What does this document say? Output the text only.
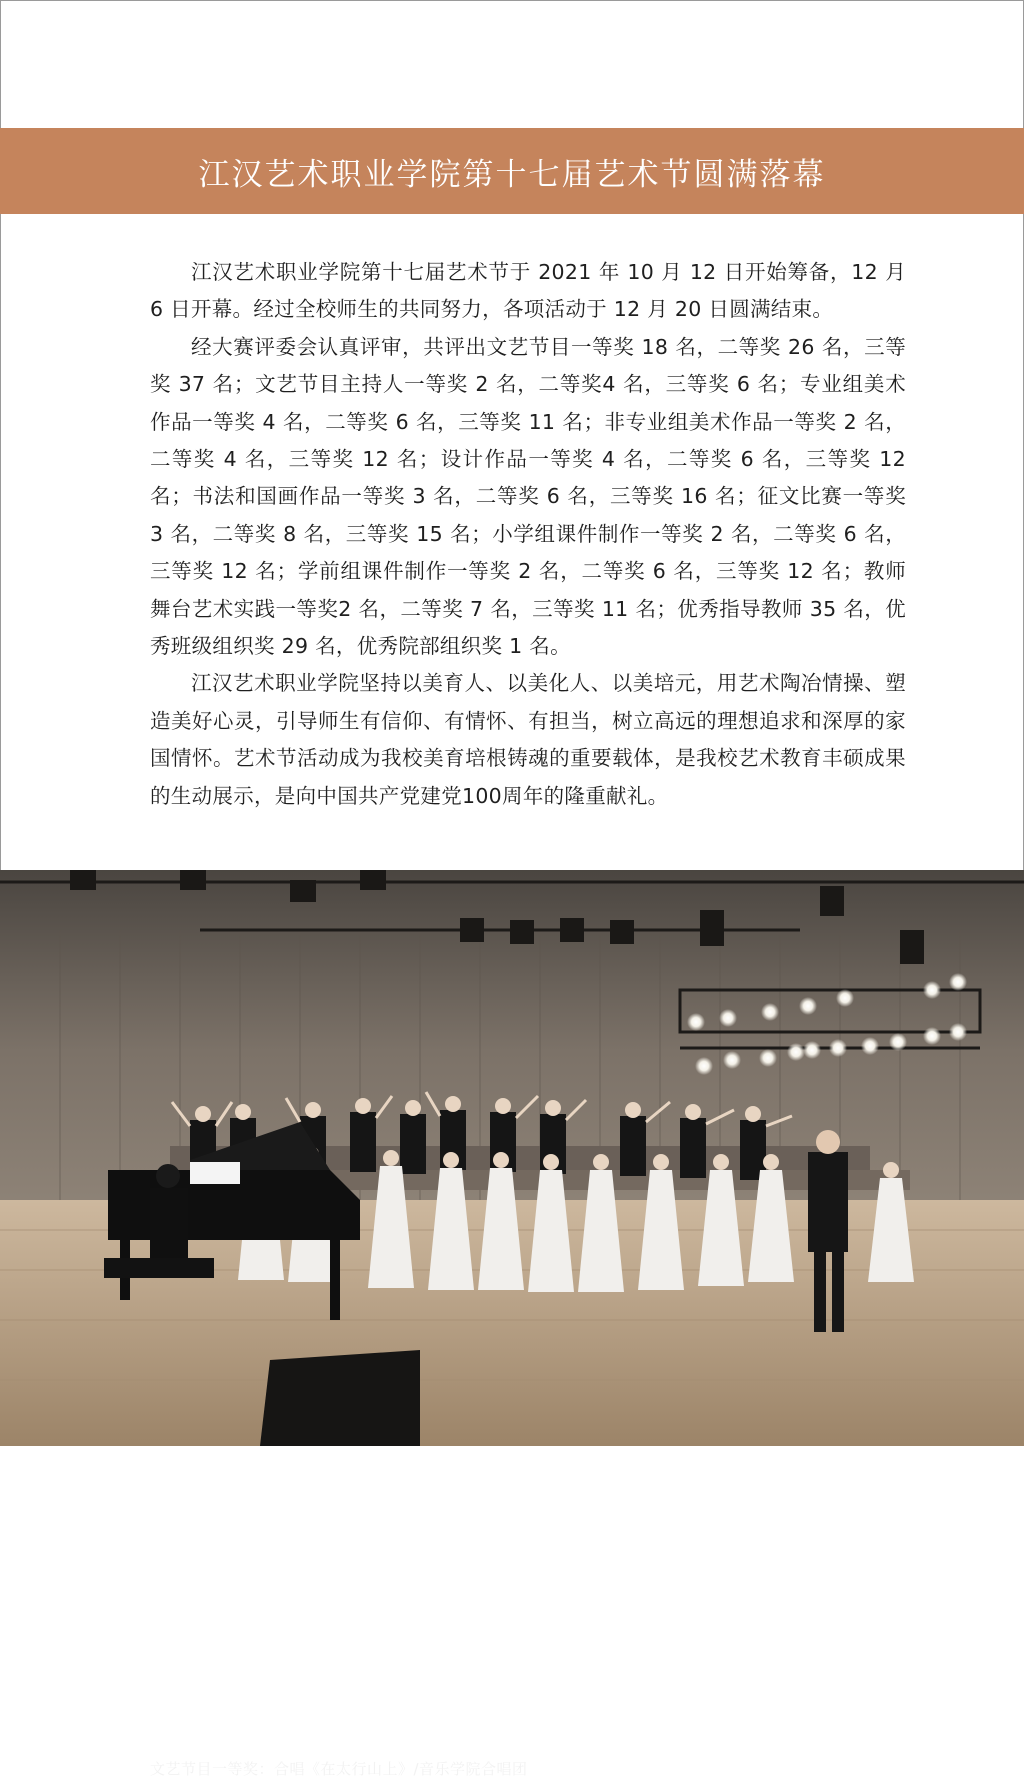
江汉艺术职业学院第十七届艺术节圆满落幕

江汉艺术职业学院第十七届艺术节于 2021 年 10 月 12 日开始筹备，12 月 6 日开幕。经过全校师生的共同努力，各项活动于 12 月 20 日圆满结束。

经大赛评委会认真评审，共评出文艺节目一等奖 18 名，二等奖 26 名，三等奖 37 名；文艺节目主持人一等奖 2 名，二等奖4 名，三等奖 6 名；专业组美术作品一等奖 4 名，二等奖 6 名，三等奖 11 名；非专业组美术作品一等奖 2 名，二等奖 4 名，三等奖 12 名；设计作品一等奖 4 名，二等奖 6 名，三等奖 12 名；书法和国画作品一等奖 3 名，二等奖 6 名，三等奖 16 名；征文比赛一等奖 3 名，二等奖 8 名，三等奖 15 名；小学组课件制作一等奖 2 名，二等奖 6 名，三等奖 12 名；学前组课件制作一等奖 2 名，二等奖 6 名，三等奖 12 名；教师舞台艺术实践一等奖2 名，二等奖 7 名，三等奖 11 名；优秀指导教师 35 名，优秀班级组织奖 29 名，优秀院部组织奖 1 名。

江汉艺术职业学院坚持以美育人、以美化人、以美培元，用艺术陶冶情操、塑造美好心灵，引导师生有信仰、有情怀、有担当，树立高远的理想追求和深厚的家国情怀。艺术节活动成为我校美育培根铸魂的重要载体，是我校艺术教育丰硕成果的生动展示，是向中国共产党建党100周年的隆重献礼。

文艺节目一等奖：合唱《在太行山上》/音乐学院合唱团
